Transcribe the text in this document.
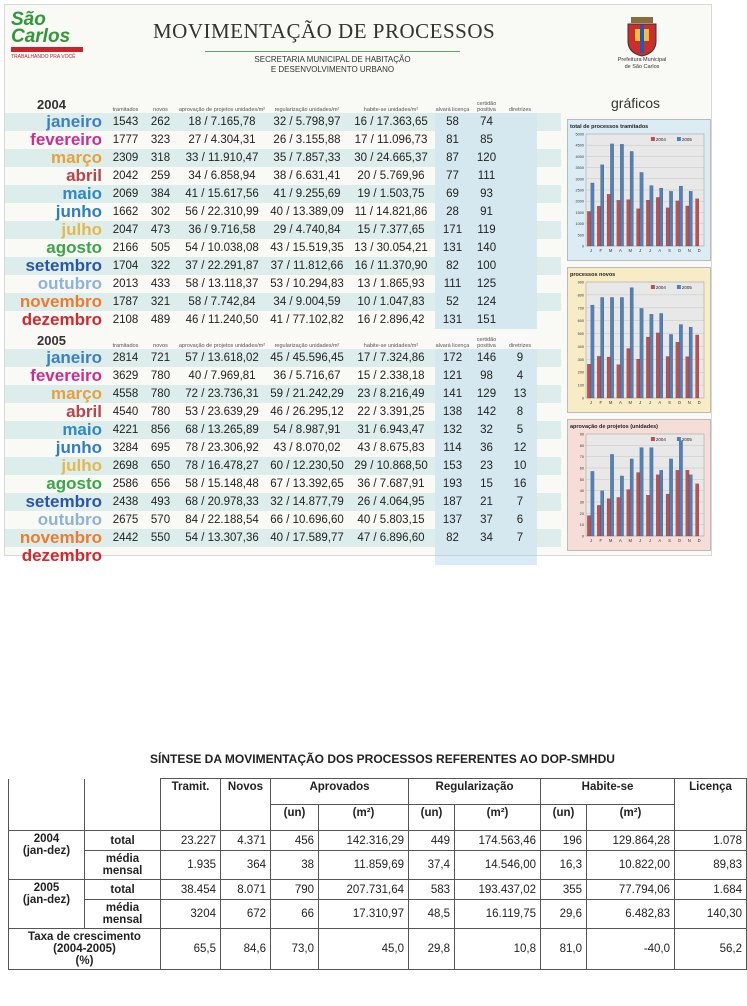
São
Carlos
TRABALHANDO PRA VOCÊ
MOVIMENTAÇÃO DE PROCESSOS
SECRETARIA MUNICIPAL DE HABITAÇÃO
E DESENVOLVIMENTO URBANO
Prefeitura Municipal
de São Carlos
gráficos
2004
		tramitados	novos	aprovação de projetos unidades/m²	regularização unidades/m²	habite-se unidades/m²	alvará licença	certidão positiva	diretrizes	
janeiro	1543	262	18 / 7.165,78	32 / 5.798,97	16 / 17.363,65	58	74		
fevereiro	1777	323	27 / 4.304,31	26 / 3.155,88	17 / 11.096,73	81	85		
março	2309	318	33 / 11.910,47	35 / 7.857,33	30 / 24.665,37	87	120		
abril	2042	259	34 / 6.858,94	38 / 6.631,41	20 / 5.769,96	77	111		
maio	2069	384	41 / 15.617,56	41 / 9.255,69	19 / 1.503,75	69	93		
junho	1662	302	56 / 22.310,99	40 / 13.389,09	11 / 14.821,86	28	91		
julho	2047	473	36 / 9.716,58	29 / 4.740,84	15 / 7.377,65	171	119		
agosto	2166	505	54 / 10.038,08	43 / 15.519,35	13 / 30.054,21	131	140		
setembro	1704	322	37 / 22.291,87	37 / 11.812,66	16 / 11.370,90	82	100		
outubro	2013	433	58 / 13.118,37	53 / 10.294,83	13 / 1.865,93	111	125		
novembro	1787	321	58 / 7.742,84	34 / 9.004,59	10 / 1.047,83	52	124		
dezembro	2108	489	46 / 11.240,50	41 / 77.102,82	16 / 2.896,42	131	151		
2005
		tramitados	novos	aprovação de projetos unidades/m²	regularização unidades/m²	habite-se unidades/m²	alvará licença	certidão positiva	diretrizes	
janeiro	2814	721	57 / 13.618,02	45 / 45.596,45	17 / 7.324,86	172	146	9	
fevereiro	3629	780	40 / 7.969,81	36 / 5.716,67	15 / 2.338,18	121	98	4	
março	4558	780	72 / 23.736,31	59 / 21.242,29	23 / 8.216,49	141	129	13	
abril	4540	780	53 / 23.639,29	46 / 26.295,12	22 / 3.391,25	138	142	8	
maio	4221	856	68 / 13.265,89	54 / 8.987,91	31 / 6.943,47	132	32	5	
junho	3284	695	78 / 23.306,92	43 / 8.070,02	43 / 8.675,83	114	36	12	
julho	2698	650	78 / 16.478,27	60 / 12.230,50	29 / 10.868,50	153	23	10	
agosto	2586	656	58 / 15.148,48	67 / 13.392,65	36 / 7.687,91	193	15	16	
setembro	2438	493	68 / 20.978,33	32 / 14.877,79	26 / 4.064,95	187	21	7	
outubro	2675	570	84 / 22.188,54	66 / 10.696,60	40 / 5.803,15	137	37	6	
novembro	2442	550	54 / 13.307,36	40 / 17.589,77	47 / 6.896,60	82	34	7	
dezembro									
total de processos tramitados
0
500
1000
1500
2000
2500
3000
3500
4000
4500
5000
J F M A M J J A S O N D
2004	2005
processos novos
0
100
200
300
400
500
600
700
800
900
J F M A M J J A S O N D
2004	2005
aprovação de projetos (unidades)
0
10
20
30
40
50
60
70
80
90
J F M A M J J A S O N D
2004	2005
SÍNTESE DA MOVIMENTAÇÃO DOS PROCESSOS REFERENTES AO DOP-SMHDU
		Tramit.	Novos	Aprovados		Regularização		Habite-se		Licença
				(un)	(m²)	(un)	(m²)	(un)	(m²)	

2004
(jan-dez)	total	23.227	4.371	456	142.316,29	449	174.563,46	196	129.864,28	1.078

	média
mensal	1.935	364	38	11.859,69	37,4	14.546,00	16,3	10.822,00	89,83

2005
(jan-dez)	total	38.454	8.071	790	207.731,64	583	193.437,02	355	77.794,06	1.684

	média
mensal	3204	672	66	17.310,97	48,5	16.119,75	29,6	6.482,83	140,30

Taxa de crescimento
(2004-2005)
(%)		65,5	84,6	73,0	45,0	29,8	10,8	81,0	-40,0	56,2
